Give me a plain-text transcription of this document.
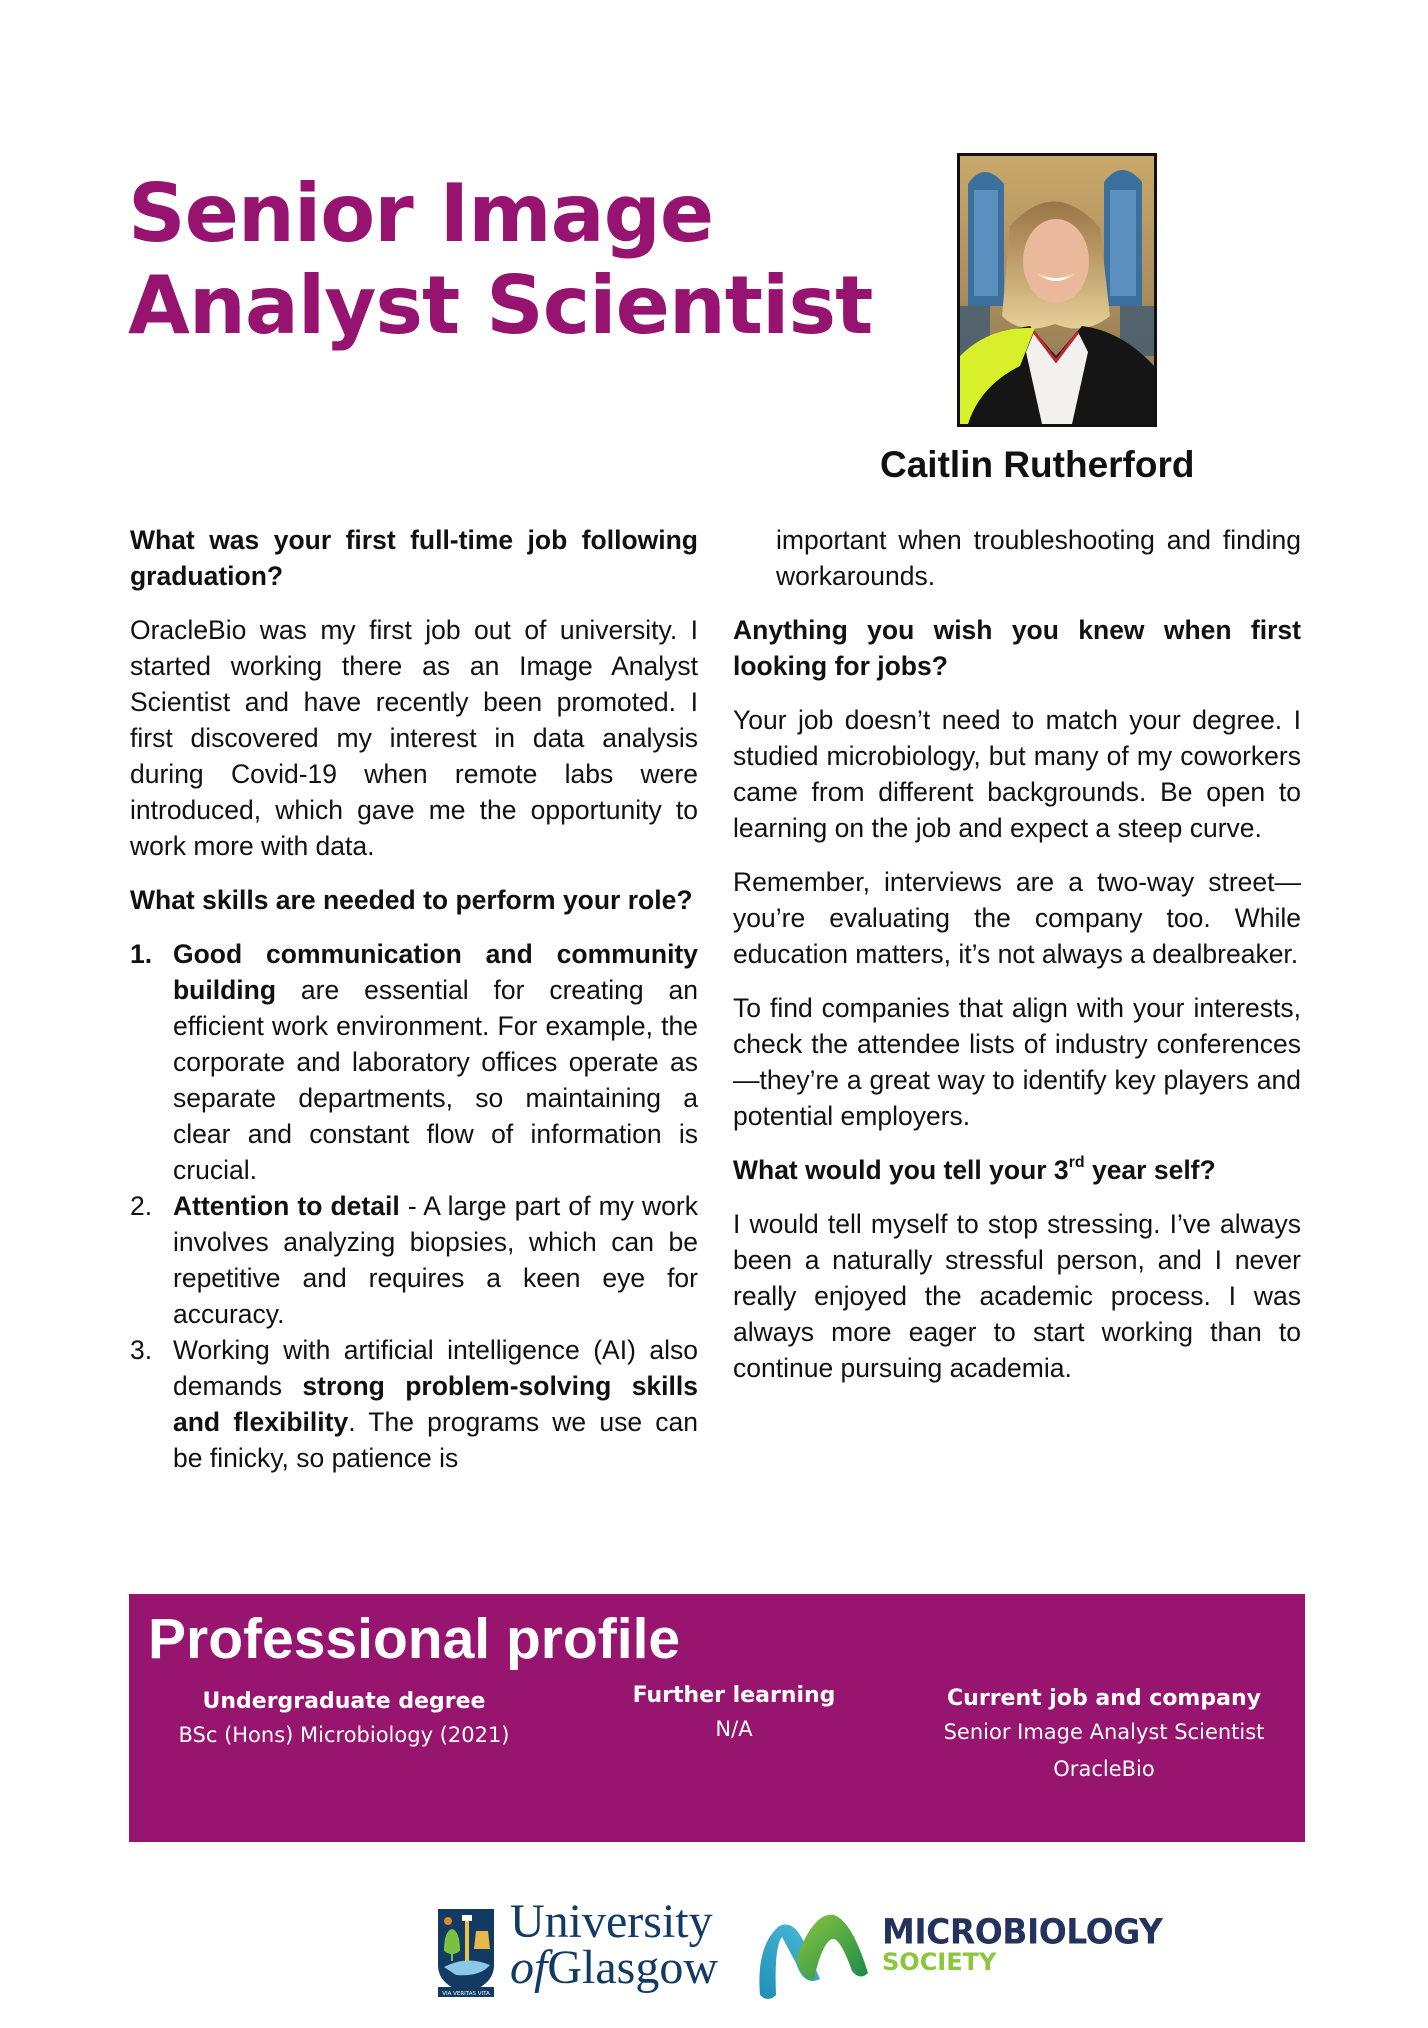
Senior Image
Analyst Scientist
Caitlin Rutherford

What was your first full-time job following graduation?

OracleBio was my first job out of university. I started working there as an Image Analyst Scientist and have recently been promoted. I first discovered my interest in data analysis during Covid-19 when remote labs were introduced, which gave me the opportunity to work more with data.

What skills are needed to perform your role?

1. Good communication and community building are essential for creating an efficient work environment. For example, the corporate and laboratory offices operate as separate departments, so maintaining a clear and constant flow of information is crucial.
2. Attention to detail - A large part of my work involves analyzing biopsies, which can be repetitive and requires a keen eye for accuracy.
3. Working with artificial intelligence (AI) also demands strong problem-solving skills and flexibility. The programs we use can be finicky, so patience is

important when troubleshooting and finding workarounds.

Anything you wish you knew when first looking for jobs?

Your job doesn’t need to match your degree. I studied microbiology, but many of my coworkers came from different backgrounds. Be open to learning on the job and expect a steep curve.

Remember, interviews are a two-way street—you’re evaluating the company too. While education matters, it’s not always a dealbreaker.

To find companies that align with your interests, check the attendee lists of industry conferences—they’re a great way to identify key players and potential employers.

What would you tell your 3rd year self?

I would tell myself to stop stressing. I’ve always been a naturally stressful person, and I never really enjoyed the academic process. I was always more eager to start working than to continue pursuing academia.

Professional profile
Undergraduate degree
BSc (Hons) Microbiology (2021)
Further learning
N/A
Current job and company
Senior Image Analyst Scientist
OracleBio
VIA VERITAS VITA
University
ofGlasgow
MICROBIOLOGY
SOCIETY
